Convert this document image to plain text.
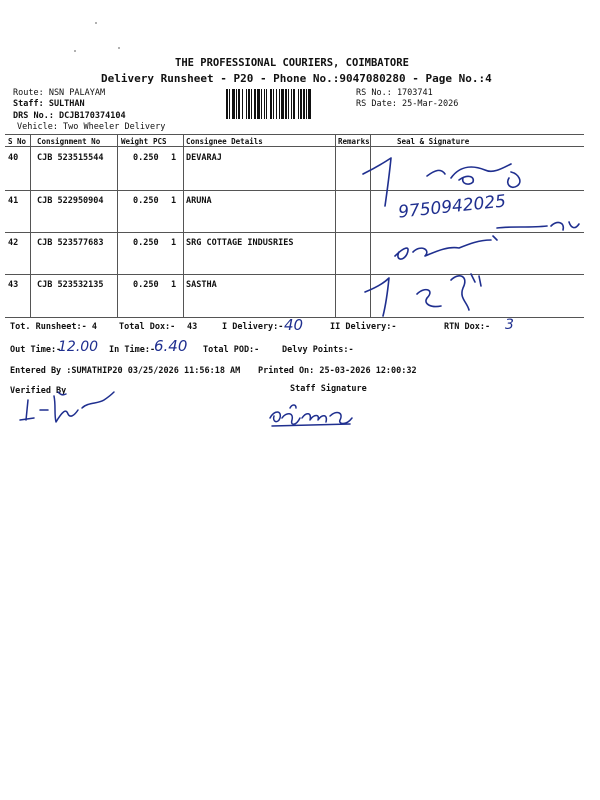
THE PROFESSIONAL COURIERS, COIMBATORE
Delivery Runsheet - P20 - Phone No.:9047080280 - Page No.:4
Route: NSN PALAYAM
Staff: SULTHAN
DRS No.: DCJB170374104
Vehicle: Two Wheeler Delivery
RS No.: 1703741
RS Date: 25-Mar-2026
S No Consignment No	Weight PCS	Consignee Details	Remarks	Seal & Signature
40 CJB 523515544	0.250 1 DEVARAJ
41 CJB 522950904	0.250 1 ARUNA
42 CJB 523577683	0.250 1 SRG COTTAGE INDUSRIES
43 CJB 523532135	0.250 1 SASTHA
9750942025
Tot. Runsheet:- 4	Total Dox:- 43	I Delivery:- 40	II Delivery:-	RTN Dox:- 3
Out Time:-
12.00 In Time:-
6.40 Total POD:-	Delvy Points:-
Entered By :SUMATHIP20 03/25/2026 11:56:18 AM Printed On: 25-03-2026 12:00:32
Verified By	Staff Signature
